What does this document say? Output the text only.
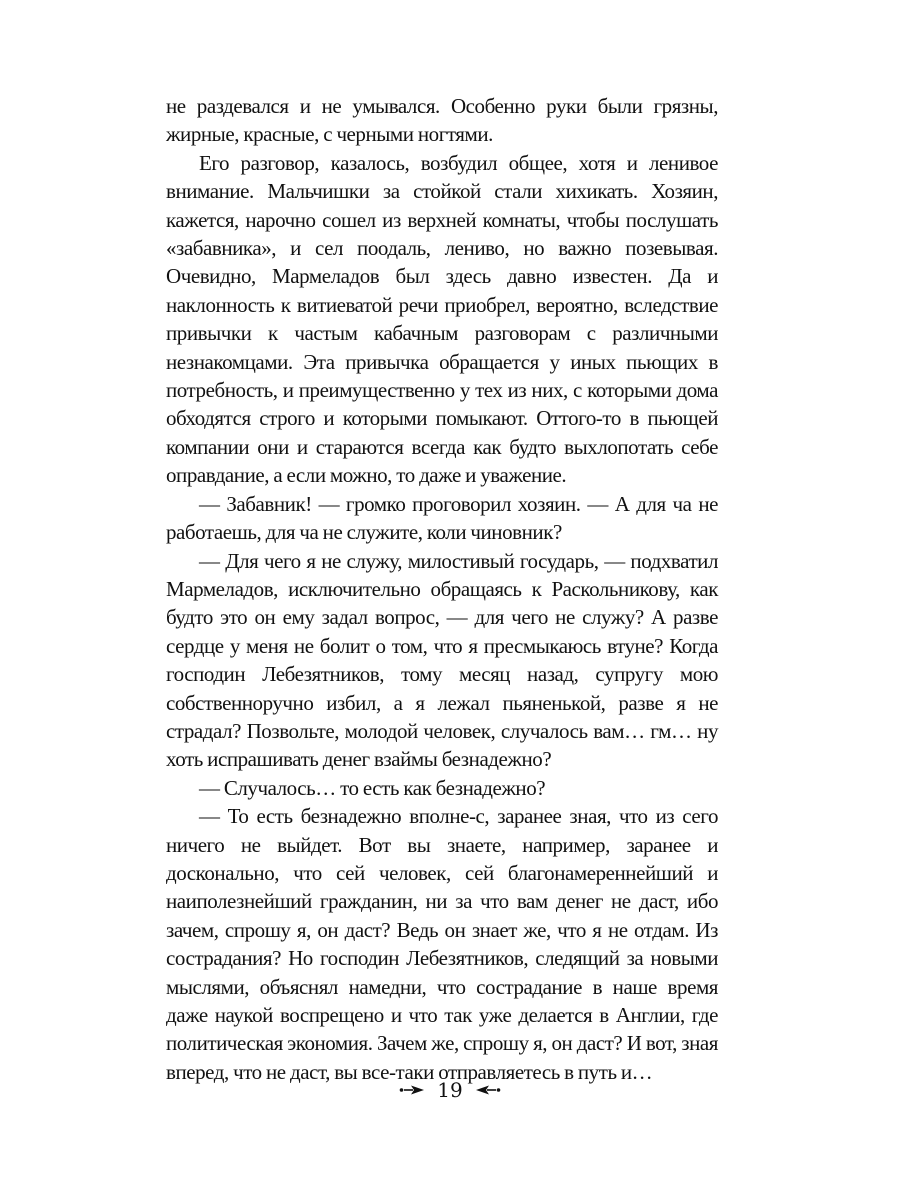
не раздевался и не умывался. Особенно руки были грязны, жирные, красные, с черными ногтями.

Его разговор, казалось, возбудил общее, хотя и ленивое внимание. Мальчишки за стойкой стали хихикать. Хозяин, кажется, нарочно сошел из верхней комнаты, чтобы послушать «забавника», и сел поодаль, лениво, но важно позевывая. Очевидно, Мармеладов был здесь давно известен. Да и наклонность к витиеватой речи приобрел, вероятно, вследствие привычки к частым кабачным разговорам с различными незнакомцами. Эта привычка обращается у иных пьющих в потребность, и преимущественно у тех из них, с которыми дома обходятся строго и которыми помыкают. Оттого-то в пьющей компании они и стараются всегда как будто выхлопотать себе оправдание, а если можно, то даже и уважение.

— Забавник! — громко проговорил хозяин. — А для ча не работаешь, для ча не служите, коли чиновник?

— Для чего я не служу, милостивый государь, — подхватил Мармеладов, исключительно обращаясь к Раскольникову, как будто это он ему задал вопрос, — для чего не служу? А разве сердце у меня не болит о том, что я пресмыкаюсь втуне? Когда господин Лебезятников, тому месяц назад, супругу мою собственноручно избил, а я лежал пьяненькой, разве я не страдал? Позвольте, молодой человек, случалось вам… гм… ну хоть испрашивать денег взаймы безнадежно?

— Случалось… то есть как безнадежно?

— То есть безнадежно вполне-с, заранее зная, что из сего ничего не выйдет. Вот вы знаете, например, заранее и досконально, что сей человек, сей благонамереннейший и наиполезнейший гражданин, ни за что вам денег не даст, ибо зачем, спрошу я, он даст? Ведь он знает же, что я не отдам. Из сострадания? Но господин Лебезятников, следящий за новыми мыслями, объяснял намедни, что сострадание в наше время даже наукой воспрещено и что так уже делается в Англии, где политическая экономия. Зачем же, спрошу я, он даст? И вот, зная вперед, что не даст, вы все-таки отправляетесь в путь и…

19
